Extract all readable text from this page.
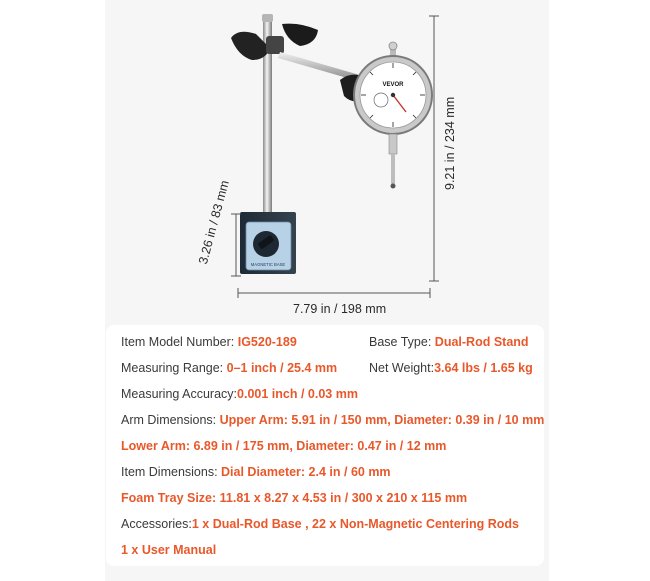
MAGNETIC BASE
VEVOR
7.79 in / 198 mm
9.21 in / 234 mm
3.26 in / 83 mm
Item Model Number: IG520-189	Base Type: Dual-Rod Stand
Measuring Range: 0–1 inch / 25.4 mm	Net Weight:3.64 lbs / 1.65 kg
Measuring Accuracy:0.001 inch / 0.03 mm
Arm Dimensions: Upper Arm: 5.91 in / 150 mm, Diameter: 0.39 in / 10 mm
Lower Arm: 6.89 in / 175 mm, Diameter: 0.47 in / 12 mm
Item Dimensions: Dial Diameter: 2.4 in / 60 mm
Foam Tray Size: 11.81 x 8.27 x 4.53 in / 300 x 210 x 115 mm
Accessories:1 x Dual-Rod Base , 22 x Non-Magnetic Centering Rods
1 x User Manual
